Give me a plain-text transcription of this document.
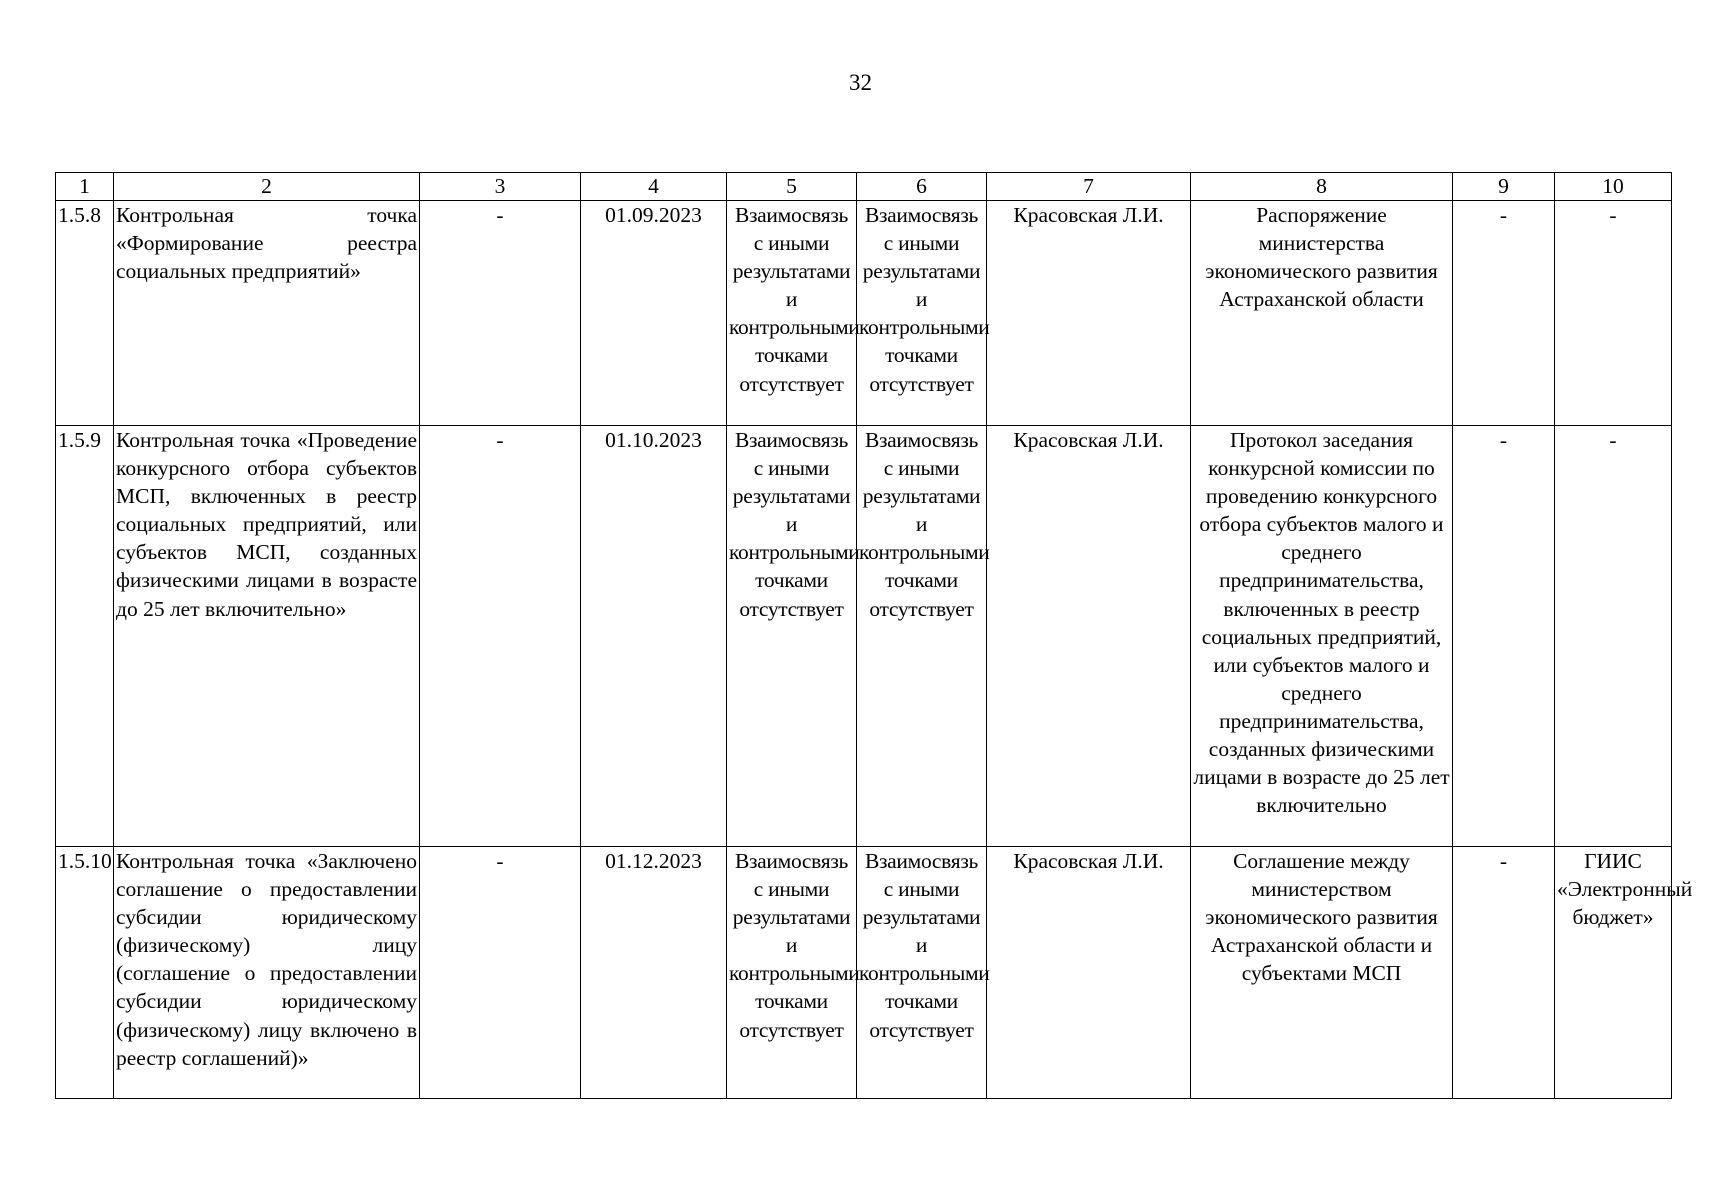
32
1	2	3	4	5	6	7	8	9	10
1.5.8	Контрольная точка «Формирование реестра социальных предприятий»	-	01.09.2023	Взаимосвязь с иными результатами и контрольными точками отсутствует	Взаимосвязь с иными результатами и контрольными точками отсутствует	Красовская Л.И.	Распоряжение министерства экономического развития Астраханской области	-	-
1.5.9	Контрольная точка «Проведение конкурсного отбора субъектов МСП, включенных в реестр социальных предприятий, или субъектов МСП, созданных физическими лицами в возрасте до 25 лет включительно»	-	01.10.2023	Взаимосвязь с иными результатами и контрольными точками отсутствует	Взаимосвязь с иными результатами и контрольными точками отсутствует	Красовская Л.И.	Протокол заседания конкурсной комиссии по проведению конкурсного отбора субъектов малого и среднего предпринимательства, включенных в реестр социальных предприятий, или субъектов малого и среднего предпринимательства, созданных физическими лицами в возрасте до 25 лет включительно	-	-
1.5.10	Контрольная точка «Заключено соглашение о предоставлении субсидии юридическому (физическому) лицу (соглашение о предоставлении субсидии юридическому (физическому) лицу включено в реестр соглашений)»	-	01.12.2023	Взаимосвязь с иными результатами и контрольными точками отсутствует	Взаимосвязь с иными результатами и контрольными точками отсутствует	Красовская Л.И.	Соглашение между министерством экономического развития Астраханской области и субъектами МСП	-	ГИИС «Электронный бюджет»
